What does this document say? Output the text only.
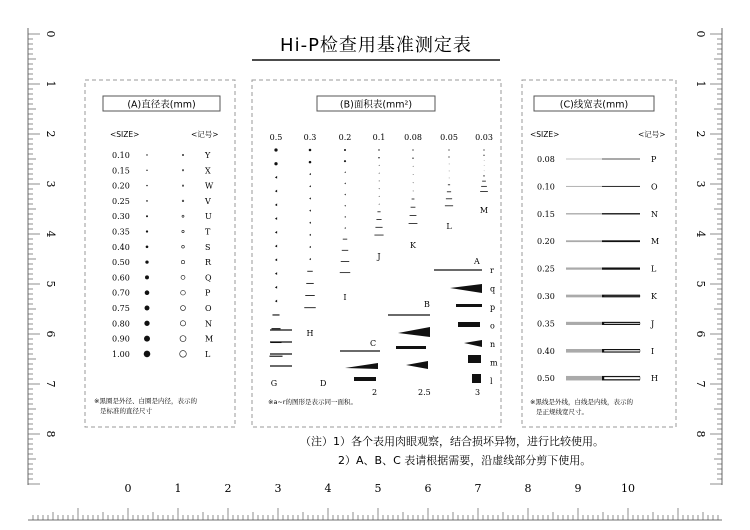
0
1
2
3
4
5
6
7
8
0
1
2
3
4
5
6
7
8
0	1	2	3	4	5	6	7	8	9	10
Hi-P检查用基准测定表
(A)直径表(mm)
<SIZE>	<记号>
0.10	Y
0.15	X
0.20	W
0.25	V
0.30	U
0.35	T
0.40	S
0.50	R
0.60	Q
0.70	P
0.75	O
0.80	N
0.90	M
1.00	L
※黑圈是外径、白圈是内径，表示的
是标准的直径尺寸
(B)面积表(mm²)
0.5
G
0.3
H
0.2
I
0.1
J
0.08
K
0.05
L
0.03
M
D
C
2
B
2.5
A
3
r
q
p
o
n
m
l
※a~r的图形是表示同一面积。
(C)线宽表(mm)
<SIZE>	<记号>
0.08	P
0.10	O
0.15	N
0.20	M
0.25	L
0.30	K
0.35	J
0.40	I
0.50	H
※黑线是外线，白线是内线，表示的
是正规线宽尺寸。
（注）1）各个表用肉眼观察，结合损坏异物，进行比较使用。
2）A、B、C 表请根据需要，沿虚线部分剪下使用。
